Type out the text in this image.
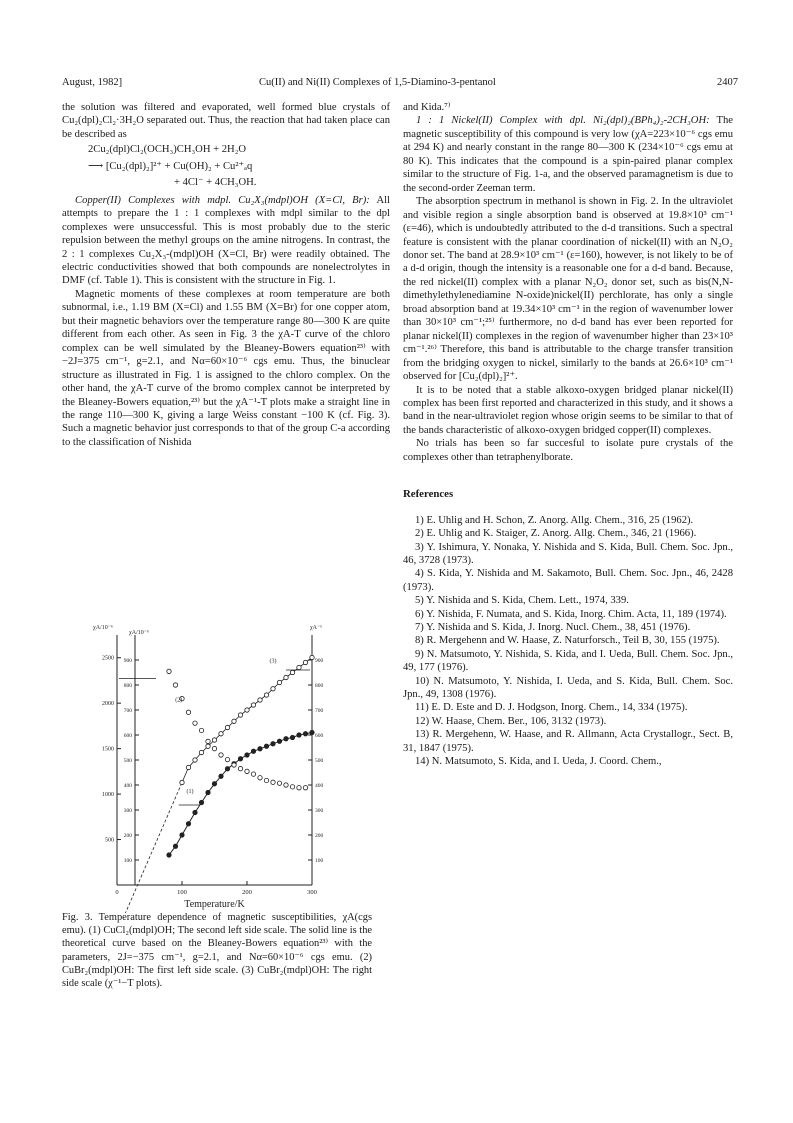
August, 1982]	Cu(II) and Ni(II) Complexes of 1,5-Diamino-3-pentanol	2407

the solution was filtered and evaporated, well formed blue crystals of Cu₂(dpl)₂Cl₂·3H₂O separated out. Thus, the reaction that had taken place can be described as

2Cu₂(dpl)Cl₂(OCH₃)CH₃OH + 2H₂O

⟶ [Cu₂(dpl)₂]²⁺ + Cu(OH)₂ + Cu²⁺ₐq

+ 4Cl⁻ + 4CH₃OH.

Copper(II) Complexes with mdpl. Cu₂X₃(mdpl)OH (X=Cl, Br): All attempts to prepare the 1 : 1 complexes with mdpl similar to the dpl complexes were unsuccessful. This is most probably due to the steric repulsion between the methyl groups on the amine nitrogens. In contrast, the 2 : 1 complexes Cu₂X₃-(mdpl)OH (X=Cl, Br) were readily obtained. The electric conductivities showed that both compounds are nonelectrolytes in DMF (cf. Table 1). This is consistent with the structure in Fig. 1.

Magnetic moments of these complexes at room temperature are both subnormal, i.e., 1.19 BM (X=Cl) and 1.55 BM (X=Br) for one copper atom, but their magnetic behaviors over the temperature range 80—300 K are quite different from each other. As seen in Fig. 3 the χA-T curve of the chloro complex can be well simulated by the Bleaney-Bowers equation²³⁾ with −2J=375 cm⁻¹, g=2.1, and Nα=60×10⁻⁶ cgs emu. Thus, the binuclear structure as illustrated in Fig. 1 is assigned to the chloro complex. On the other hand, the χA-T curve of the bromo complex cannot be interpreted by the Bleaney-Bowers equation,²³⁾ but the χA⁻¹-T plots make a straight line in the range 110—300 K, giving a large Weiss constant −100 K (cf. Fig. 3). Such a magnetic behavior just corresponds to that of the group C-a according to the classification of Nishida

0	100	200	300
Temperature/K
500
1000
1500
2000
2500
χA/10⁻⁶
100
200
300
400
500
600
700
800
900
χA/10⁻⁶
100
200
300
400
500
600
700
800
900
χA⁻¹
(1)
(2)
(3)
Fig. 3. Temperature dependence of magnetic susceptibilities, χA(cgs emu). (1) CuCl₂(mdpl)OH; The second left side scale. The solid line is the theoretical curve based on the Bleaney-Bowers equation²³⁾ with the parameters, 2J=−375 cm⁻¹, g=2.1, and Nα=60×10⁻⁶ cgs emu. (2) CuBr₂(mdpl)OH: The first left side scale. (3) CuBr₂(mdpl)OH: The right side scale (χ⁻¹−T plots).

and Kida.⁷⁾

1 : 1 Nickel(II) Complex with dpl. Ni₂(dpl)₂(BPh₄)₂-2CH₃OH: The magnetic susceptibility of this compound is very low (χA=223×10⁻⁶ cgs emu at 294 K) and nearly constant in the range 80—300 K (234×10⁻⁶ cgs emu at 80 K). This indicates that the compound is a spin-paired planar complex similar to the structure of Fig. 1-a, and the observed paramagnetism is due to the second-order Zeeman term.

The absorption spectrum in methanol is shown in Fig. 2. In the ultraviolet and visible region a single absorption band is observed at 19.8×10³ cm⁻¹ (ε=46), which is undoubtedly attributed to the d-d transitions. Such a spectral feature is consistent with the planar coordination of nickel(II) with an N₂O₂ donor set. The band at 28.9×10³ cm⁻¹ (ε=160), however, is not likely to be of a d-d origin, though the intensity is a reasonable one for a d-d band. Because, the red nickel(II) complex with a planar N₂O₂ donor set, such as bis(N,N-dimethylethylenediamine N-oxide)nickel(II) perchlorate, has only a single broad absorption band at 19.34×10³ cm⁻¹ in the region of wavenumber lower than 30×10³ cm⁻¹;²⁵⁾ furthermore, no d-d band has ever been reported for planar nickel(II) complexes in the region of wavenumber higher than 23×10³ cm⁻¹.²⁶⁾ Therefore, this band is attributable to the charge transfer transition from the bridging oxygen to nickel, similarly to the bands at 26.6×10³ cm⁻¹ observed for [Cu₂(dpl)₂]²⁺.

It is to be noted that a stable alkoxo-oxygen bridged planar nickel(II) complex has been first reported and characterized in this study, and it shows a band in the near-ultraviolet region whose origin seems to be similar to that of the bands characteristic of alkoxo-oxygen bridged copper(II) complexes.

No trials has been so far succesful to isolate pure crystals of the complexes other than tetraphenylborate.

References

1) E. Uhlig and H. Schon, Z. Anorg. Allg. Chem., 316, 25 (1962).

2) E. Uhlig and K. Staiger, Z. Anorg. Allg. Chem., 346, 21 (1966).

3) Y. Ishimura, Y. Nonaka, Y. Nishida and S. Kida, Bull. Chem. Soc. Jpn., 46, 3728 (1973).

4) S. Kida, Y. Nishida and M. Sakamoto, Bull. Chem. Soc. Jpn., 46, 2428 (1973).

5) Y. Nishida and S. Kida, Chem. Lett., 1974, 339.

6) Y. Nishida, F. Numata, and S. Kida, Inorg. Chim. Acta, 11, 189 (1974).

7) Y. Nishida and S. Kida, J. Inorg. Nucl. Chem., 38, 451 (1976).

8) R. Mergehenn and W. Haase, Z. Naturforsch., Teil B, 30, 155 (1975).

9) N. Matsumoto, Y. Nishida, S. Kida, and I. Ueda, Bull. Chem. Soc. Jpn., 49, 177 (1976).

10) N. Matsumoto, Y. Nishida, I. Ueda, and S. Kida, Bull. Chem. Soc. Jpn., 49, 1308 (1976).

11) E. D. Este and D. J. Hodgson, Inorg. Chem., 14, 334 (1975).

12) W. Haase, Chem. Ber., 106, 3132 (1973).

13) R. Mergehenn, W. Haase, and R. Allmann, Acta Crystallogr., Sect. B, 31, 1847 (1975).

14) N. Matsumoto, S. Kida, and I. Ueda, J. Coord. Chem.,
